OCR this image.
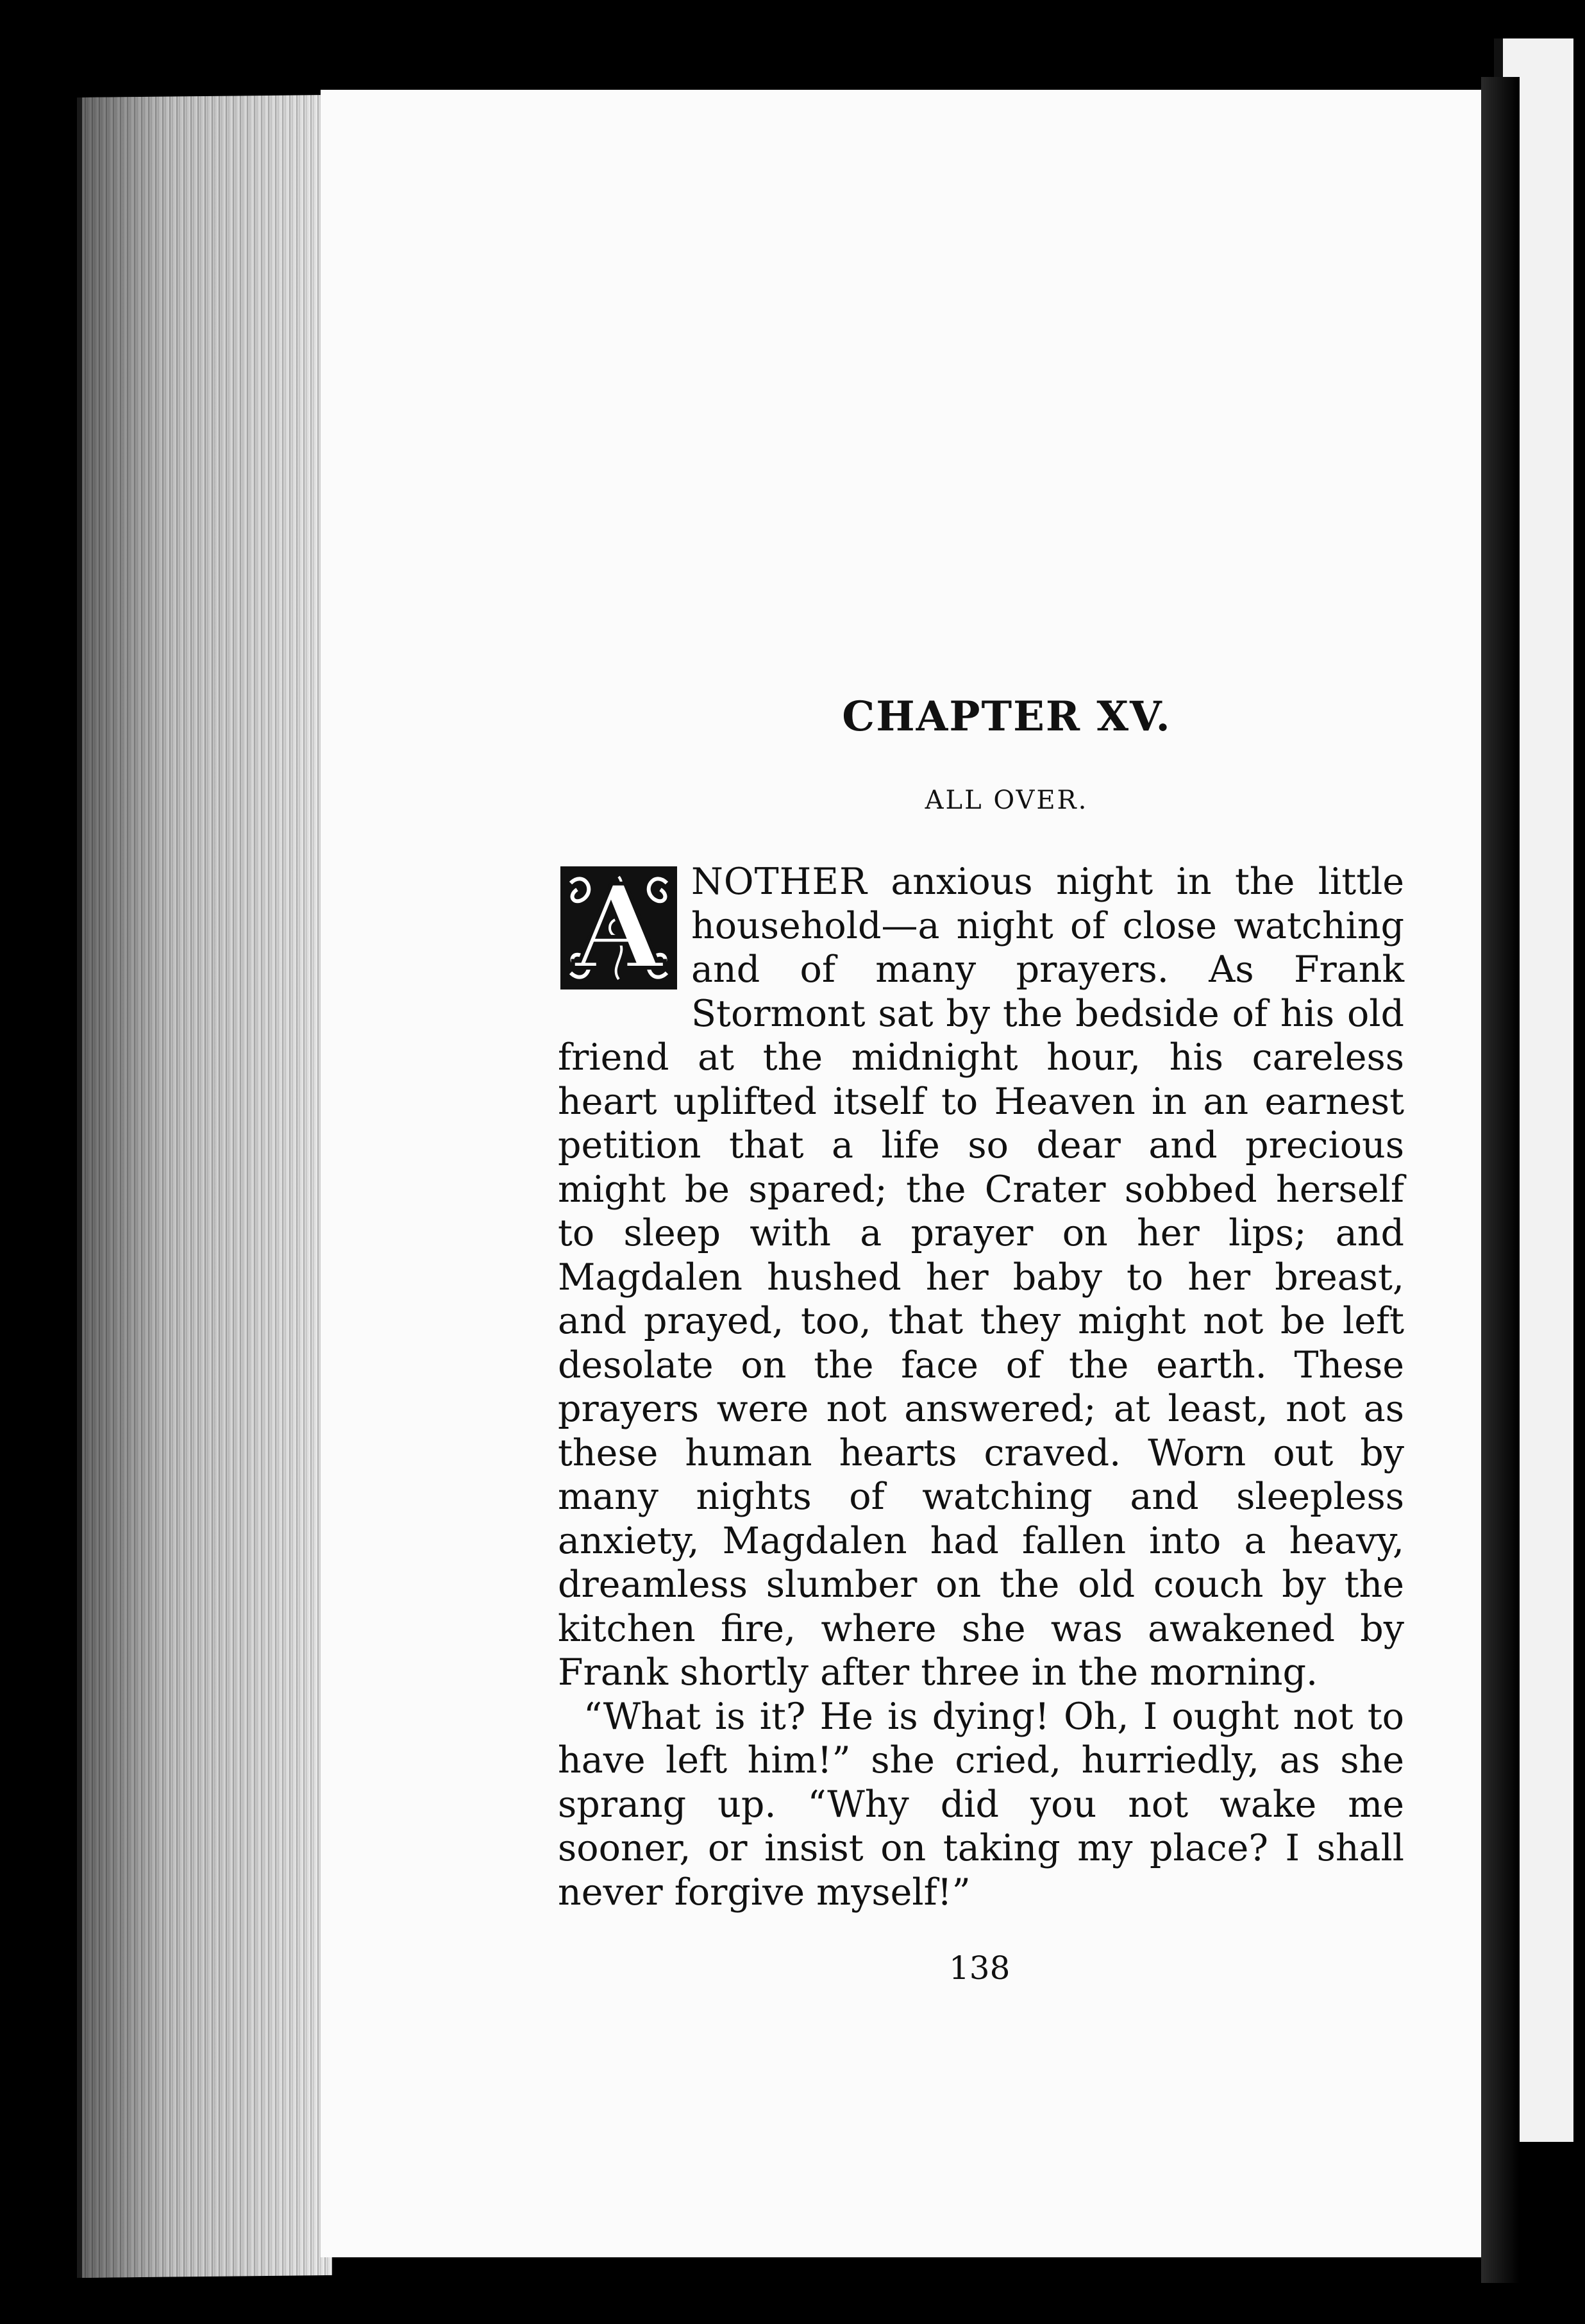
CHAPTER XV.
ALL OVER.

A NOTHER anxious night in the little household—a night of close watching and of many prayers. As Frank Stormont sat by the bedside of his old friend at the midnight hour, his careless heart uplifted itself to Heaven in an earnest petition that a life so dear and precious might be spared; the Crater sobbed herself to sleep with a prayer on her lips; and Magdalen hushed her baby to her breast, and prayed, too, that they might not be left desolate on the face of the earth. These prayers were not answered; at least, not as these human hearts craved. Worn out by many nights of watching and sleepless anxiety, Magdalen had fallen into a heavy, dreamless slumber on the old couch by the kitchen fire, where she was awakened by Frank shortly after three in the morning.

“What is it? He is dying! Oh, I ought not to have left him!” she cried, hurriedly, as she sprang up. “Why did you not wake me sooner, or insist on taking my place? I shall never forgive myself!”

138
